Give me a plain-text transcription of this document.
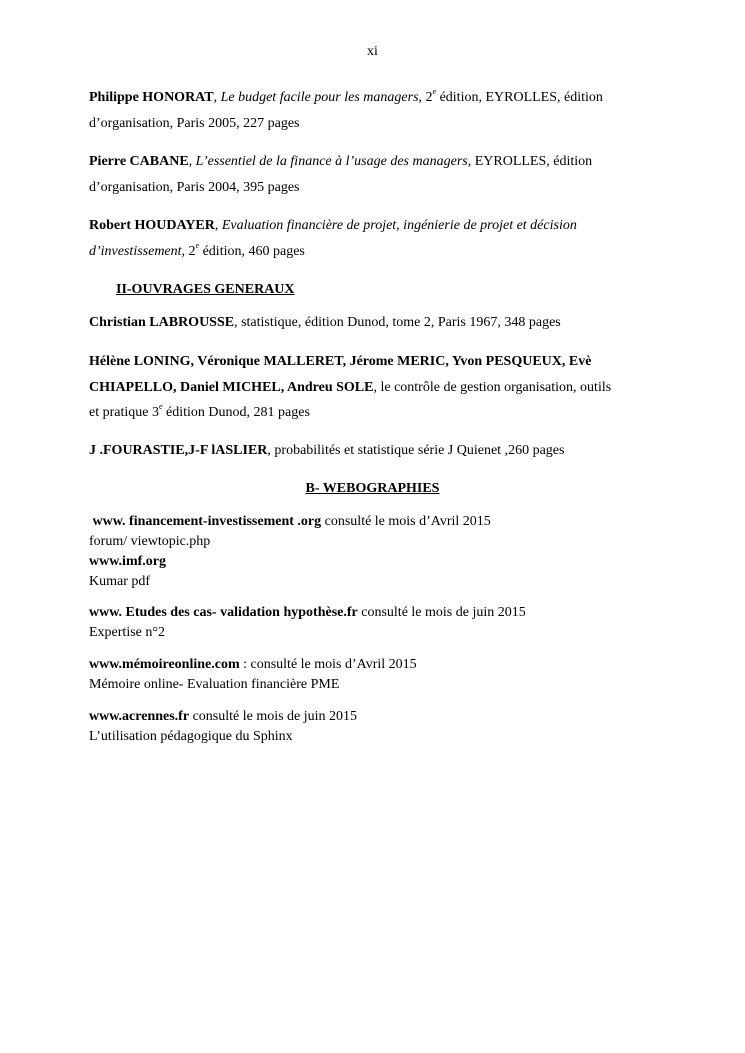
xi
Philippe HONORAT, Le budget facile pour les managers, 2e édition, EYROLLES, édition
d’organisation, Paris 2005, 227 pages
Pierre CABANE, L’essentiel de la finance à l’usage des managers, EYROLLES, édition
d’organisation, Paris 2004, 395 pages
Robert HOUDAYER, Evaluation financière de projet, ingénierie de projet et décision
d’investissement, 2e édition, 460 pages
II-OUVRAGES GENERAUX
Christian LABROUSSE, statistique, édition Dunod, tome 2, Paris 1967, 348 pages
Hélène LONING, Véronique MALLERET, Jérome MERIC, Yvon PESQUEUX, Evè
CHIAPELLO, Daniel MICHEL, Andreu SOLE, le contrôle de gestion organisation, outils
et pratique 3e édition Dunod, 281 pages
J .FOURASTIE,J-F lASLIER, probabilités et statistique série J Quienet ,260 pages
B- WEBOGRAPHIES
www. financement-investissement .org consulté le mois d’Avril 2015
forum/ viewtopic.php
www.imf.org
Kumar pdf
www. Etudes des cas- validation hypothèse.fr consulté le mois de juin 2015
Expertise n°2
www.mémoireonline.com : consulté le mois d’Avril 2015
Mémoire online- Evaluation financière PME
www.acrennes.fr consulté le mois de juin 2015
L’utilisation pédagogique du Sphinx
